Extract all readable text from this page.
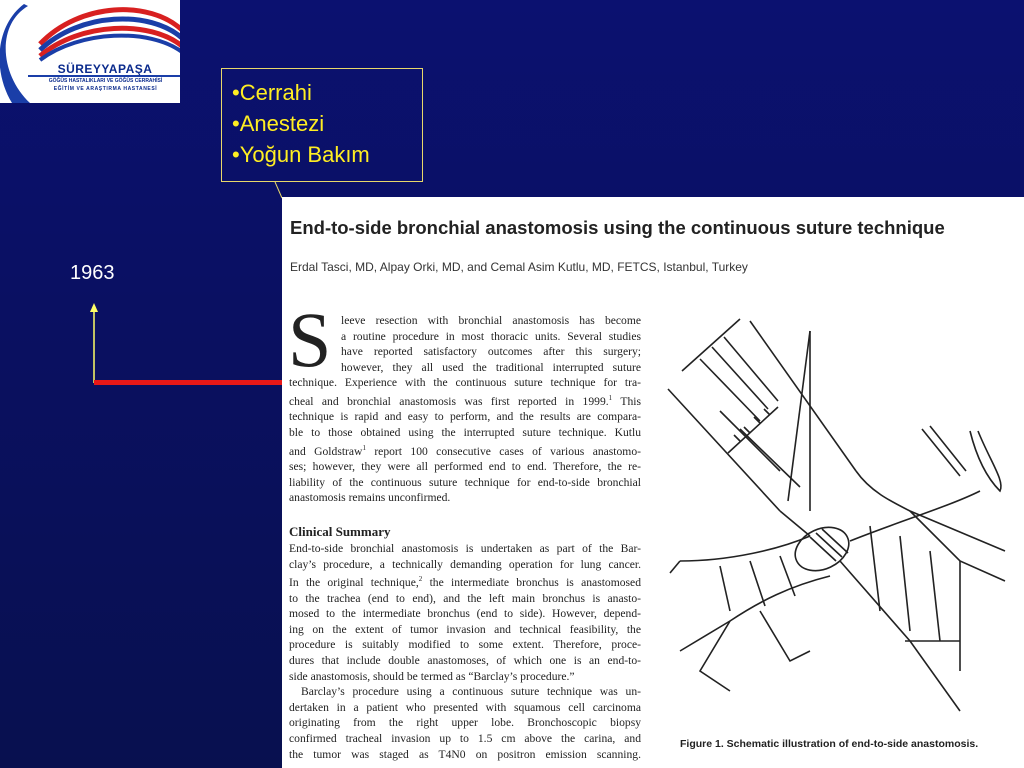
SÜREYYAPAŞA
GÖĞÜS HASTALIKLARI VE GÖĞÜS CERRAHİSİ
EĞİTİM VE ARAŞTIRMA HASTANESİ	•Cerrahi
•Anestezi
•Yoğun Bakım
1963
End-to-side bronchial anastomosis using the continuous suture technique
Erdal Tasci, MD, Alpay Orki, MD, and Cemal Asim Kutlu, MD, FETCS, Istanbul, Turkey
S leeve resection with bronchial anastomosis has become
a routine procedure in most thoracic units. Several studies
have reported satisfactory outcomes after this surgery;
however, they all used the traditional interrupted suture
technique. Experience with the continuous suture technique for tra-
cheal and bronchial anastomosis was first reported in 1999.$^1$ This
technique is rapid and easy to perform, and the results are compara-
ble to those obtained using the interrupted suture technique. Kutlu
and Goldstraw$^1$ report 100 consecutive cases of various anastomo-
ses; however, they were all performed end to end. Therefore, the re-
liability of the continuous suture technique for end-to-side bronchial
anastomosis remains unconfirmed.
Clinical Summary
End-to-side bronchial anastomosis is undertaken as part of the Bar-
clay’s procedure, a technically demanding operation for lung cancer.
In the original technique,$^2$ the intermediate bronchus is anastomosed
to the trachea (end to end), and the left main bronchus is anasto-
mosed to the intermediate bronchus (end to side). However, depend-
ing on the extent of tumor invasion and technical feasibility, the
procedure is suitably modified to some extent. Therefore, proce-
dures that include double anastomoses, of which one is an end-to-
side anastomosis, should be termed as “Barclay’s procedure.”
Barclay’s procedure using a continuous suture technique was un-
dertaken in a patient who presented with squamous cell carcinoma
originating from the right upper lobe. Bronchoscopic biopsy
confirmed tracheal invasion up to 1.5 cm above the carina, and
the tumor was staged as T4N0 on positron emission scanning.
Figure 1. Schematic illustration of end-to-side anastomosis.
